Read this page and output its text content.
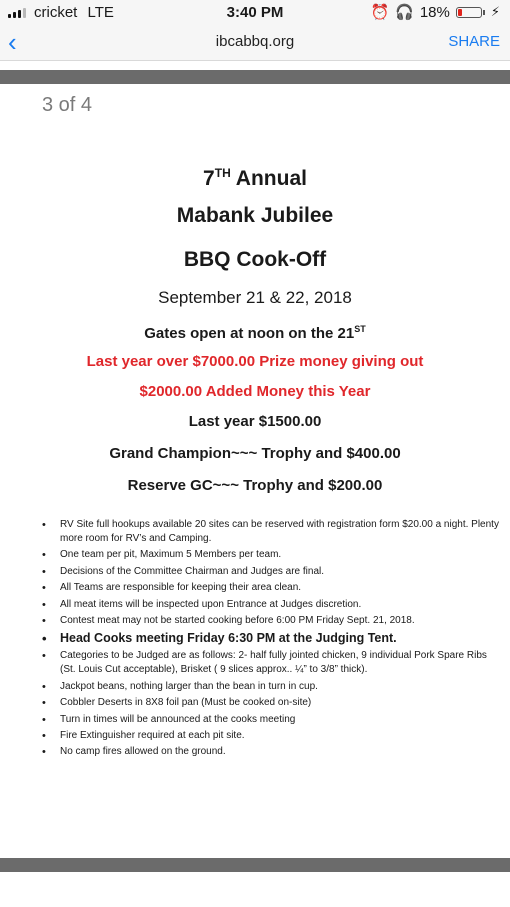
cricket LTE	3:40 PM	⏰ 🎧 18%	⚡︎
‹	ibcabbq.org	SHARE
3 of 4
7TH Annual
Mabank Jubilee
BBQ Cook-Off
September 21 & 22, 2018
Gates open at noon on the 21ST
Last year over $7000.00 Prize money giving out
$2000.00 Added Money this Year
Last year $1500.00
Grand Champion~~~ Trophy and $400.00
Reserve GC~~~ Trophy and $200.00
• RV Site full hookups available 20 sites can be reserved with registration form $20.00 a night. Plenty more room for RV’s and Camping.
• One team per pit, Maximum 5 Members per team.
• Decisions of the Committee Chairman and Judges are final.
• All Teams are responsible for keeping their area clean.
• All meat items will be inspected upon Entrance at Judges discretion.
• Contest meat may not be started cooking before 6:00 PM Friday Sept. 21, 2018.
• Head Cooks meeting Friday 6:30 PM at the Judging Tent.
• Categories to be Judged are as follows: 2- half fully jointed chicken, 9 individual Pork Spare Ribs (St. Louis Cut acceptable), Brisket ( 9 slices approx.. ¼” to 3/8” thick).
• Jackpot beans, nothing larger than the bean in turn in cup.
• Cobbler Deserts in 8X8 foil pan (Must be cooked on-site)
• Turn in times will be announced at the cooks meeting
• Fire Extinguisher required at each pit site.
• No camp fires allowed on the ground.
